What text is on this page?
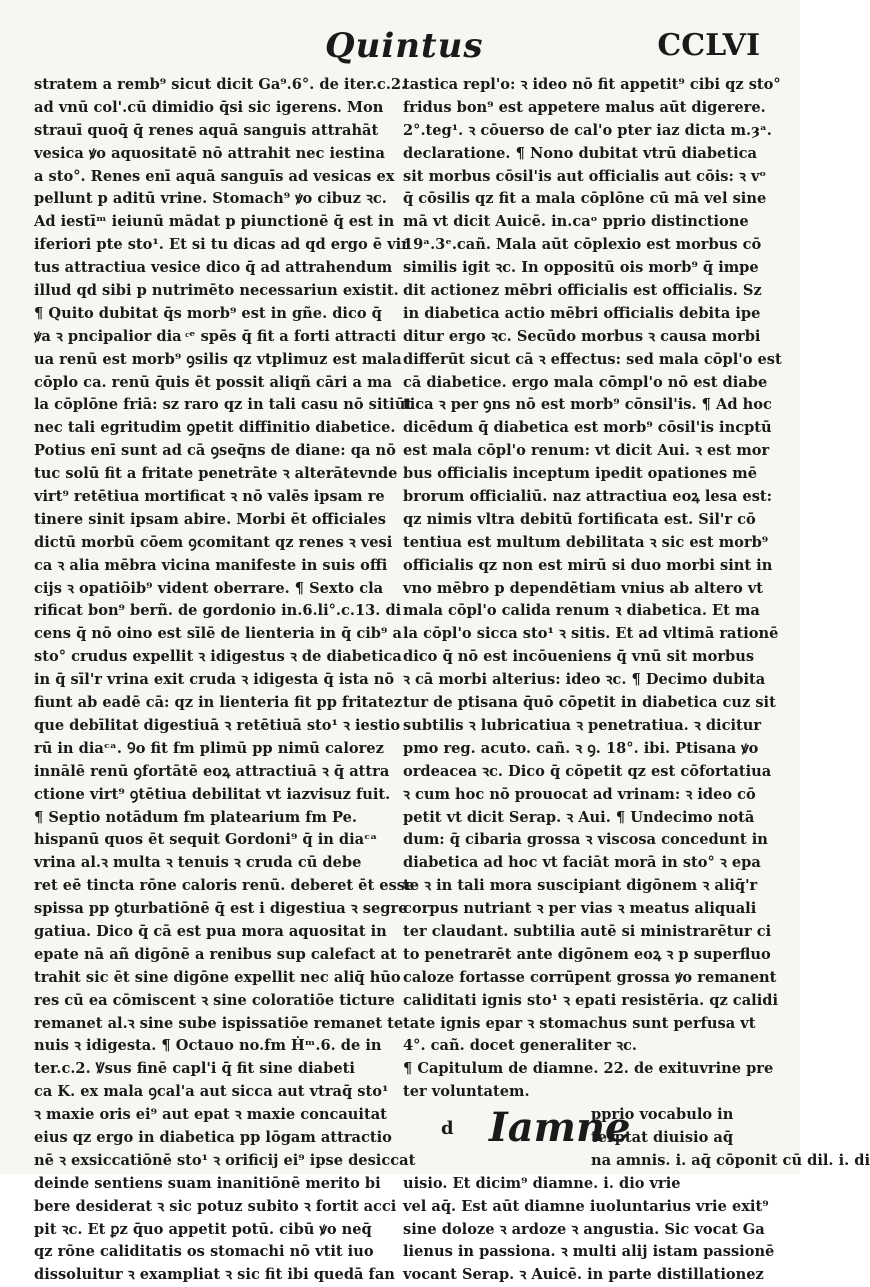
Quintus	CCLVI
stratem a remb⁹ sicut dicit Ga⁹.6°. de iter.c.2.
ad vnū col'.cū dimidio q̄si sic igerens. Mon
strauī quoq̄ q̄ renes aquā sanguis attrahāt
vesica ꝟo aquositatē nō attrahit nec iestina
a sto°. Renes enī aquā sanguīs ad vesicas ex
pellunt p aditū vrine. Stomach⁹ ꝟo cibuz ꝛc.
Ad iestīᵐ ieiunū mādat p piunctionē q̄ est in
iferiori pte sto¹. Et si tu dicas ad qd ergo ē vir
tus attractiua vesice dico q̄ ad attrahendum
illud qd sibi p nutrimēto necessariun existit.
¶ Quito dubitat q̄s morb⁹ est in gñe. dico q̄
ꝟa ꝛ pncipalior dia ͨᵉ spēs q̄ fit a forti attracti
ua renū est morb⁹ ꝯsilis qz vtplimuz est mala
cōplo ca. renū q̄uis ēt possit aliqñ cāri a ma
la cōplōne friā: sz raro qz in tali casu nō sitiūt
nec tali egritudim ꝯpetit diffinitio diabetice.
Potius enī sunt ad cā ꝯseq̄ns de diane: qa nō
tuc solū fit a fritate penetrāte ꝛ alterātevnde
virt⁹ retētiua mortificat ꝛ nō valēs ipsam re
tinere sinit ipsam abire. Morbi ēt officiales
dictū morbū cōem ꝯcomitant qz renes ꝛ vesi
ca ꝛ alia mēbra vicina manifeste in suis offi
cijs ꝛ opatiōib⁹ vident oberrare. ¶ Sexto cla
rificat bon⁹ berñ. de gordonio in.6.li°.c.13. di
cens q̄ nō oino est sīlē de lienteria in q̄ cib⁹ a
sto° crudus expellit ꝛ idigestus ꝛ de diabetica
in q̄ sīl'r vrina exit cruda ꝛ idigesta q̄ ista nō
fiunt ab eadē cā: qz in lienteria fit pp fritatez
que debīlitat digestiuā ꝛ retētiuā sto¹ ꝛ iestio
rū in diaᶜᵃ. Ꝯo fit fm plimū pp nimū calorez
innālē renū ꝯfortātē eoꝝ attractiuā ꝛ q̄ attra
ctione virt⁹ ꝯtētiua debilitat vt iazvisuz fuit.
¶ Septio notādum fm platearium fm Pe.
hispanū quos ēt sequit Gordoni⁹ q̄ in diaᶜᵃ
vrina al.ꝛ multa ꝛ tenuis ꝛ cruda cū debe
ret eē tincta rōne caloris renū. deberet ēt esse
spissa pp ꝯturbatiōnē q̄ est i digestiua ꝛ segre
gatiua. Dico q̄ cā est pua mora aquositat in
epate nā añ digōnē a renibus sup calefact at
trahit sic ēt sine digōne expellit nec aliq̄ hūo
res cū ea cōmiscent ꝛ sine coloratiōe ticture
remanet al.ꝛ sine sube ispissatiōe remanet te
nuis ꝛ idigesta. ¶ Octauo no.fm Ḣᵐ.6. de in
ter.c.2. Ꝟsus finē capl'i q̄ fit sine diabeti
ca K. ex mala ꝯcal'a aut sicca aut vtraq̄ sto¹
ꝛ maxie oris ei⁹ aut epat ꝛ maxie concauitat
eius qz ergo in diabetica pp lōgam attractio
nē ꝛ exsiccatiōnē sto¹ ꝛ orificij ei⁹ ipse desiccat
deinde sentiens suam inanitiōnē merito bi
bere desiderat ꝛ sic potuz subito ꝛ fortit acci
pit ꝛc. Et ꝑz q̄uo appetit potū. cibū ꝟo neq̄
qz rōne caliditatis os stomachi nō vtit iuo
dissoluitur ꝛ exampliat ꝛ sic fit ibi quedā fan
tastica repl'o: ꝛ ideo nō fit appetit⁹ cibi qz sto°
fridus bon⁹ est appetere malus aūt digerere.
2°.teg¹. ꝛ cōuerso de cal'o pter iaz dicta m.ȝᵃ.
declaratione. ¶ Nono dubitat vtrū diabetica
sit morbus cōsil'is aut officialis aut cōis: ꝛ vᵒ
q̄ cōsilis qz fit a mala cōplōne cū mā vel sine
mā vt dicit Auicē. in.caᵒ pprio distinctione
19ᵃ.3ᵉ.cañ. Mala aūt cōplexio est morbus cō
similis igit ꝛc. In oppositū ois morb⁹ q̄ impe
dit actionez mēbri officialis est officialis. Sz
in diabetica actio mēbri officialis debita ipe
ditur ergo ꝛc. Secūdo morbus ꝛ causa morbi
differūt sicut cā ꝛ effectus: sed mala cōpl'o est
cā diabetice. ergo mala cōmpl'o nō est diabe
tica ꝛ per ꝯns nō est morb⁹ cōnsil'is. ¶ Ad hoc
dicēdum q̄ diabetica est morb⁹ cōsil'is incptū
est mala cōpl'o renum: vt dicit Aui. ꝛ est mor
bus officialis inceptum ipedit opationes mē
brorum officialiū. naz attractiua eoꝝ lesa est:
qz nimis vltra debitū fortificata est. Sil'r cō
tentiua est multum debilitata ꝛ sic est morb⁹
officialis qz non est mirū si duo morbi sint in
vno mēbro p dependētiam vnius ab altero vt
mala cōpl'o calida renum ꝛ diabetica. Et ma
la cōpl'o sicca sto¹ ꝛ sitis. Et ad vltimā rationē
dico q̄ nō est incōueniens q̄ vnū sit morbus
ꝛ cā morbi alterius: ideo ꝛc. ¶ Decimo dubita
tur de ptisana q̄uō cōpetit in diabetica cuz sit
subtilis ꝛ lubricatiua ꝛ penetratiua. ꝛ dicitur
pmo reg. acuto. cañ. ꝛ ꝯ. 18°. ibi. Ptisana ꝟo
ordeacea ꝛc. Dico q̄ cōpetit qz est cōfortatiua
ꝛ cum hoc nō prouocat ad vrinam: ꝛ ideo cō
petit vt dicit Serap. ꝛ Aui. ¶ Undecimo notā
dum: q̄ cibaria grossa ꝛ viscosa concedunt in
diabetica ad hoc vt faciāt morā in sto° ꝛ epa
te ꝛ in tali mora suscipiant digōnem ꝛ aliq̄'r
corpus nutriant ꝛ per vias ꝛ meatus aliquali
ter claudant. subtilia autē si ministrarētur ci
to penetrarēt ante digōnem eoꝝ ꝛ p superfluo
caloze fortasse corrūpent grossa ꝟo remanent
caliditati ignis sto¹ ꝛ epati resistēria. qz calidi
tate ignis epar ꝛ stomachus sunt perfusa vt
4°. cañ. docet generaliter ꝛc.
¶ Capitulum de diamne. 22. de exituvrine pre
ter voluntatem.
d Iamne
pprio vocabulo in
terptat diuisio aq̄
na amnis. i. aq̄ cōponit cū dil. i. di
uisio. Et dicim⁹ diamne. i. dio vrie
vel aq̄. Est aūt diamne iuoluntarius vrie exit⁹
sine doloze ꝛ ardoze ꝛ angustia. Sic vocat Ga
lienus in passiona. ꝛ multi alij istam passionē
vocant Serap. ꝛ Auicē. in parte distillationez
